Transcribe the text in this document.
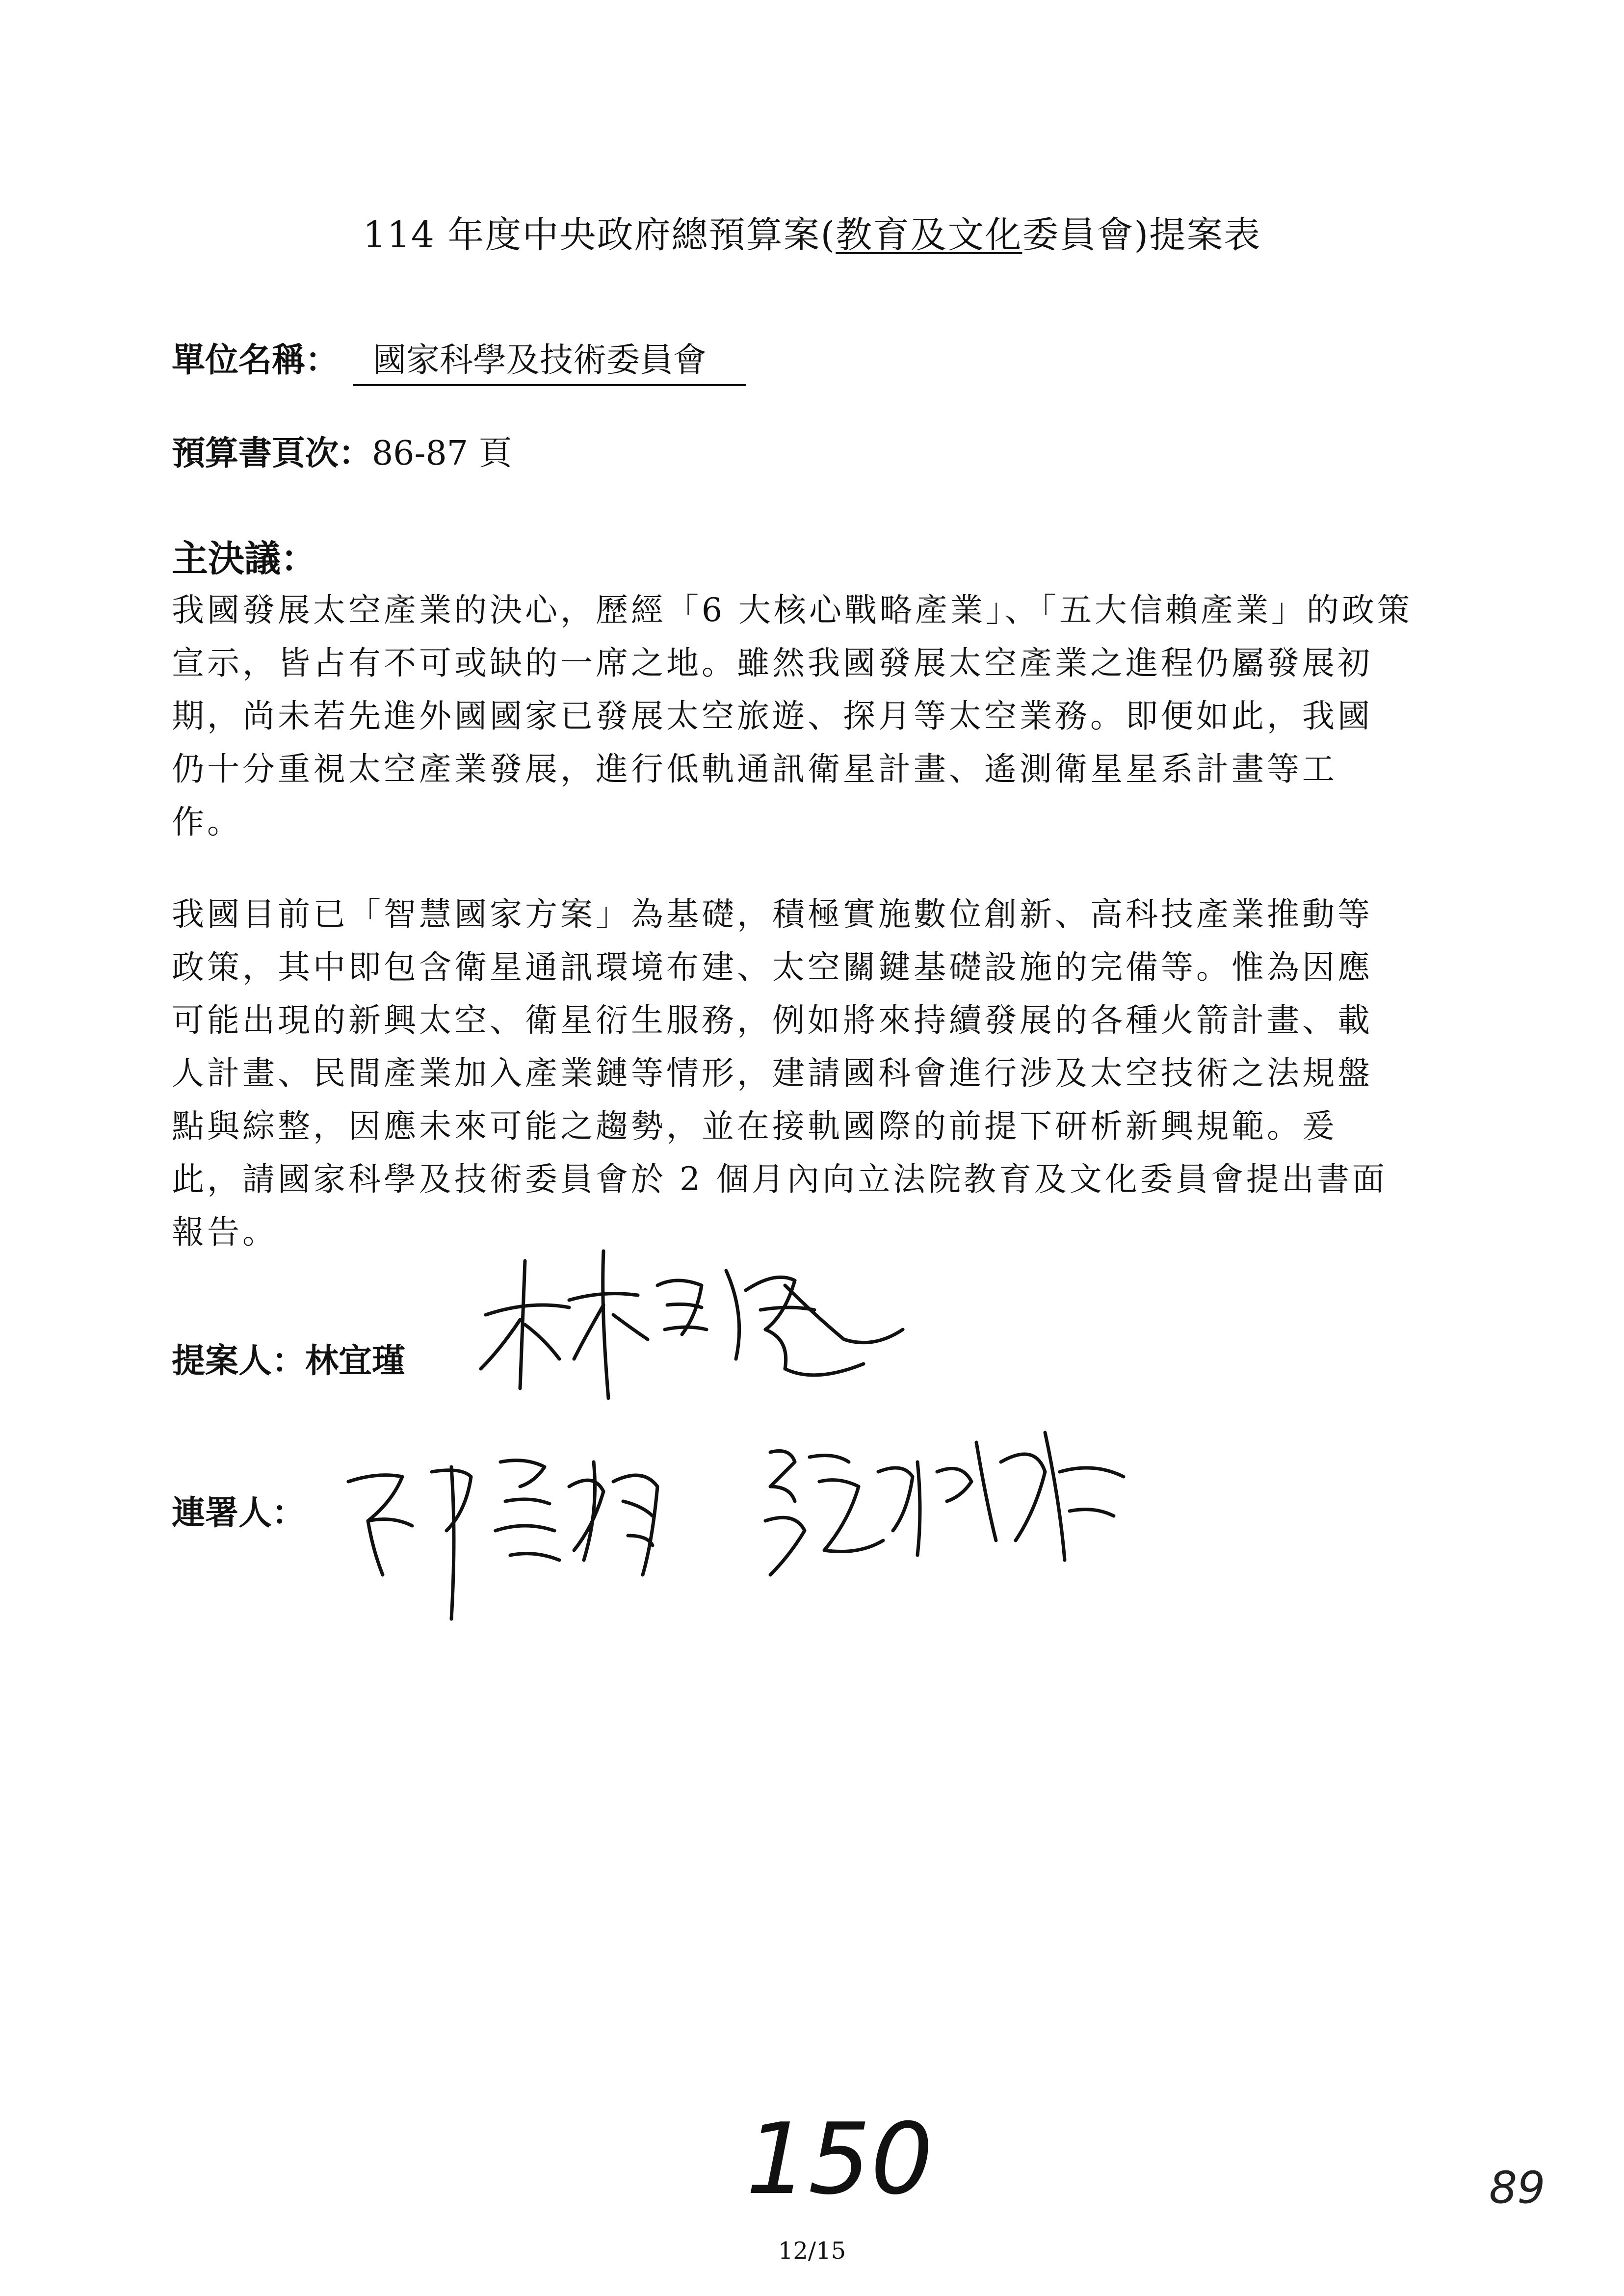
114 年度中央政府總預算案(教育及文化委員會)提案表
單位名稱： 國家科學及技術委員會
預算書頁次：86-87 頁
主決議：
我國發展太空產業的決心，歷經「6 大核心戰略產業」、「五大信賴產業」的政策
宣示，皆占有不可或缺的一席之地。雖然我國發展太空產業之進程仍屬發展初
期，尚未若先進外國國家已發展太空旅遊、探月等太空業務。即便如此，我國
仍十分重視太空產業發展，進行低軌通訊衛星計畫、遙測衛星星系計畫等工
作。
我國目前已「智慧國家方案」為基礎，積極實施數位創新、高科技產業推動等
政策，其中即包含衛星通訊環境布建、太空關鍵基礎設施的完備等。惟為因應
可能出現的新興太空、衛星衍生服務，例如將來持續發展的各種火箭計畫、載
人計畫、民間產業加入產業鏈等情形，建請國科會進行涉及太空技術之法規盤
點與綜整，因應未來可能之趨勢，並在接軌國際的前提下研析新興規範。爰
此，請國家科學及技術委員會於 2 個月內向立法院教育及文化委員會提出書面
報告。
提案人：林宜瑾
連署人：
150	89
12/15
